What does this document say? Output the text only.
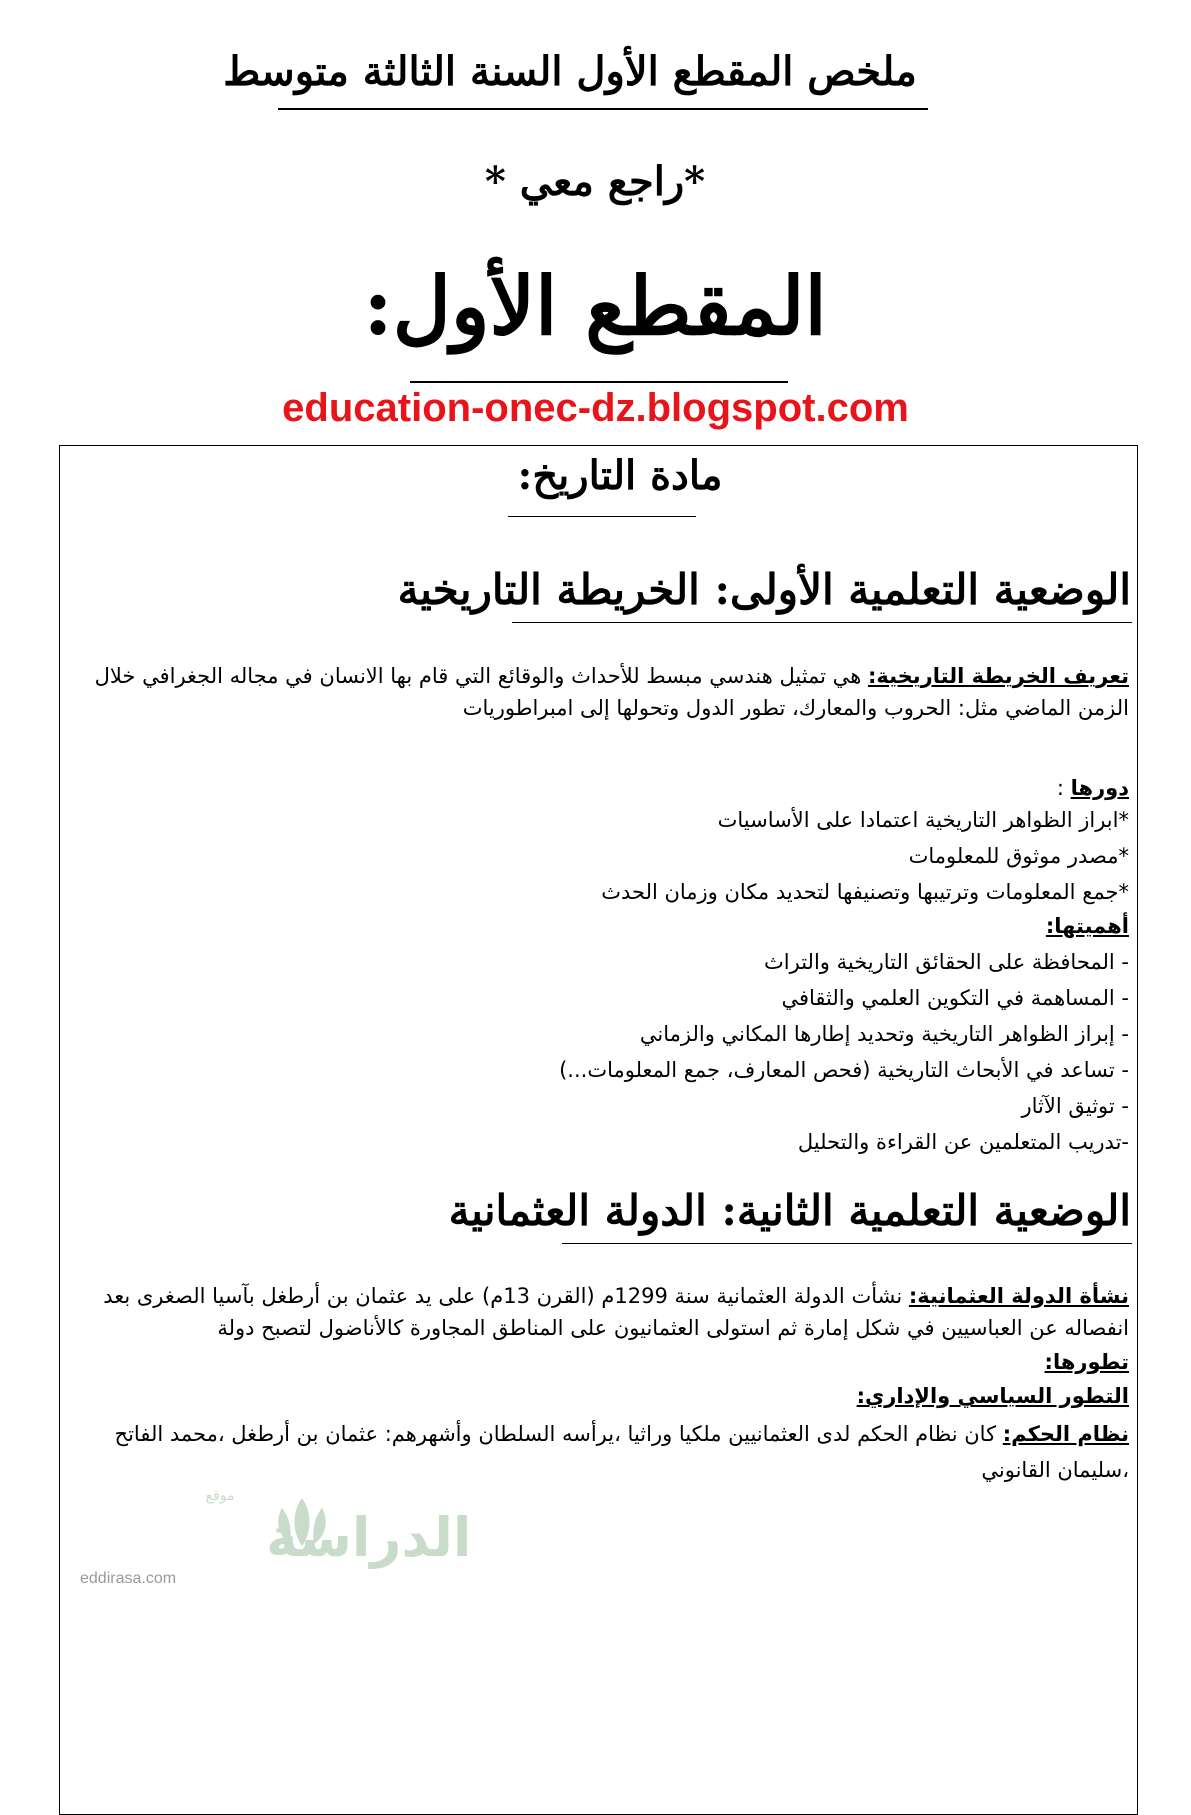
ملخص المقطع الأول السنة الثالثة متوسط
*راجع معي *
المقطع الأول:
education-onec-dz.blogspot.com
مادة التاريخ:
الوضعية التعلمية الأولى: الخريطة التاريخية
تعريف الخريطة التاريخية: هي تمثيل هندسي مبسط للأحداث والوقائع التي قام بها الانسان في مجاله الجغرافي خلال
الزمن الماضي مثل: الحروب والمعارك، تطور الدول وتحولها إلى امبراطوريات
دورها :
*ابراز الظواهر التاريخية اعتمادا على الأساسيات
*مصدر موثوق للمعلومات
*جمع المعلومات وترتيبها وتصنيفها لتحديد مكان وزمان الحدث
أهميتها:
- المحافظة على الحقائق التاريخية والتراث
- المساهمة في التكوين العلمي والثقافي
- إبراز الظواهر التاريخية وتحديد إطارها المكاني والزماني
- تساعد في الأبحاث التاريخية (فحص المعارف، جمع المعلومات...)
- توثيق الآثار
-تدريب المتعلمين عن القراءة والتحليل
الوضعية التعلمية الثانية: الدولة العثمانية
نشأة الدولة العثمانية: نشأت الدولة العثمانية سنة 1299م (القرن 13م) على يد عثمان بن أرطغل بآسيا الصغرى بعد
انفصاله عن العباسيين في شكل إمارة ثم استولى العثمانيون على المناطق المجاورة كالأناضول لتصبح دولة
تطورها:
التطور السياسي والإداري:
نظام الحكم: كان نظام الحكم لدى العثمانيين ملكيا وراثيا ،يرأسه السلطان وأشهرهم: عثمان بن أرطغل ،محمد الفاتح
،سليمان القانوني
الدراسة
موقع
eddirasa.com
